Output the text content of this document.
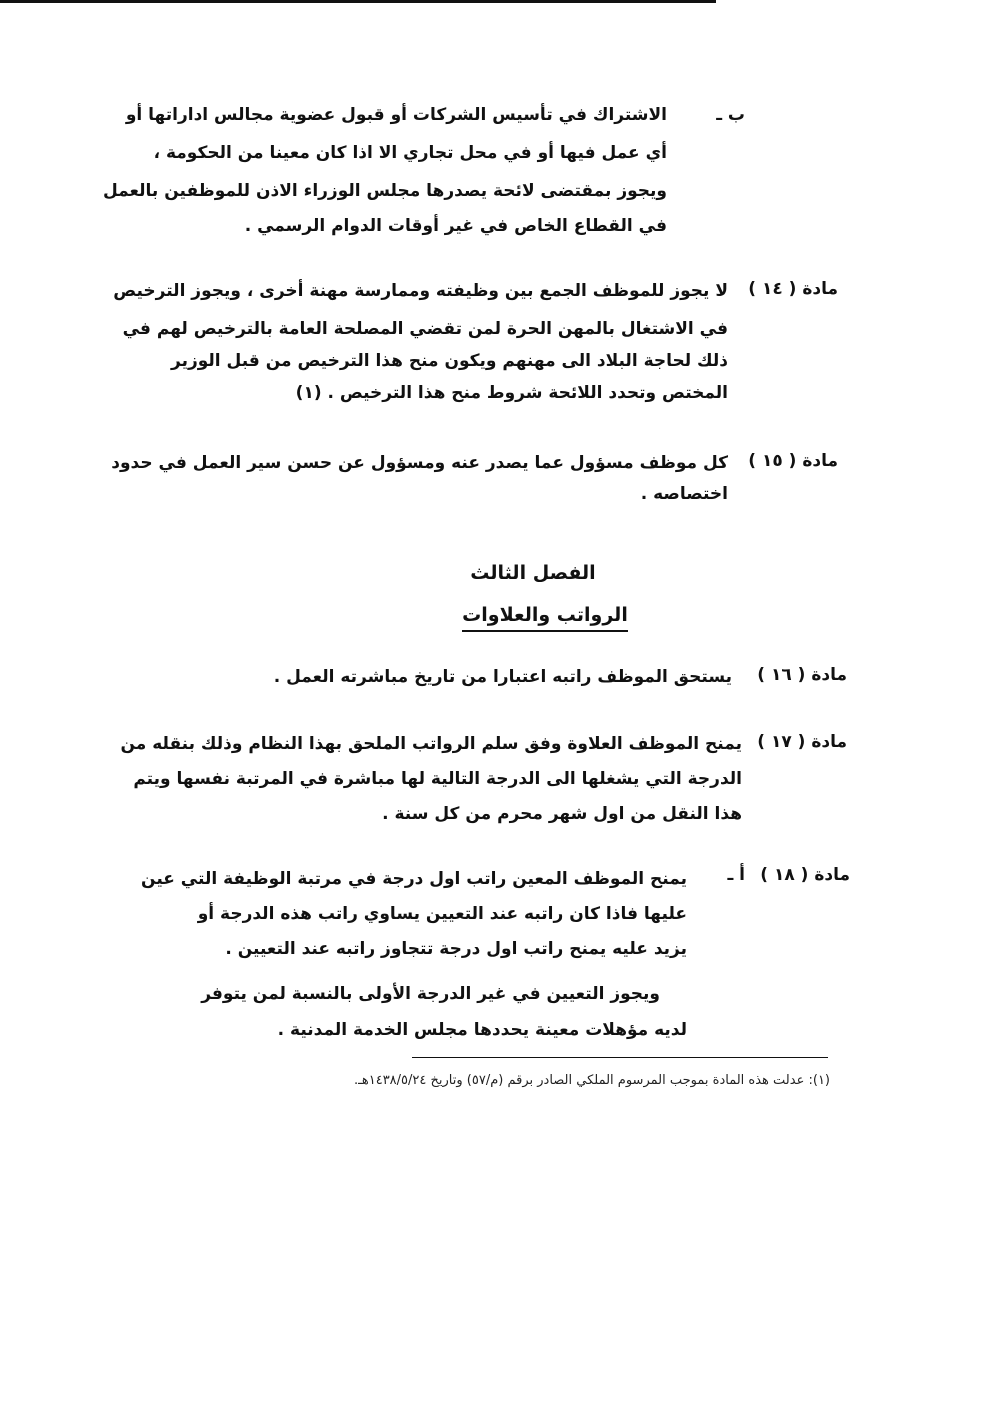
ب ـ
الاشتراك في تأسيس الشركات أو قبول عضوية مجالس اداراتها أو
أي عمل فيها أو في محل تجاري الا اذا كان معينا من الحكومة ،
ويجوز بمقتضى لائحة يصدرها مجلس الوزراء الاذن للموظفين بالعمل
في القطاع الخاص في غير أوقات الدوام الرسمي .
مادة ( ١٤ )
لا يجوز للموظف الجمع بين وظيفته وممارسة مهنة أخرى ، ويجوز الترخيص
في الاشتغال بالمهن الحرة لمن تقضي المصلحة العامة بالترخيص لهم في
ذلك لحاجة البلاد الى مهنهم ويكون منح هذا الترخيص من قبل الوزير
المختص وتحدد اللائحة شروط منح هذا الترخيص . (١)
مادة ( ١٥ )
كل موظف مسؤول عما يصدر عنه ومسؤول عن حسن سير العمل في حدود
اختصاصه .
الفصل الثالث
الرواتب والعلاوات
مادة ( ١٦ )
يستحق الموظف راتبه اعتبارا من تاريخ مباشرته العمل .
مادة ( ١٧ )
يمنح الموظف العلاوة وفق سلم الرواتب الملحق بهذا النظام وذلك بنقله من
الدرجة التي يشغلها الى الدرجة التالية لها مباشرة في المرتبة نفسها ويتم
هذا النقل من اول شهر محرم من كل سنة .
مادة ( ١٨ )
أ ـ
يمنح الموظف المعين راتب اول درجة في مرتبة الوظيفة التي عين
عليها فاذا كان راتبه عند التعيين يساوي راتب هذه الدرجة أو
يزيد عليه يمنح راتب اول درجة تتجاوز راتبه عند التعيين .
ويجوز التعيين في غير الدرجة الأولى بالنسبة لمن يتوفر
لديه مؤهلات معينة يحددها مجلس الخدمة المدنية .
(١): عدلت هذه المادة بموجب المرسوم الملكي الصادر برقم (م/٥٧) وتاريخ ١٤٣٨/٥/٢٤هـ.
